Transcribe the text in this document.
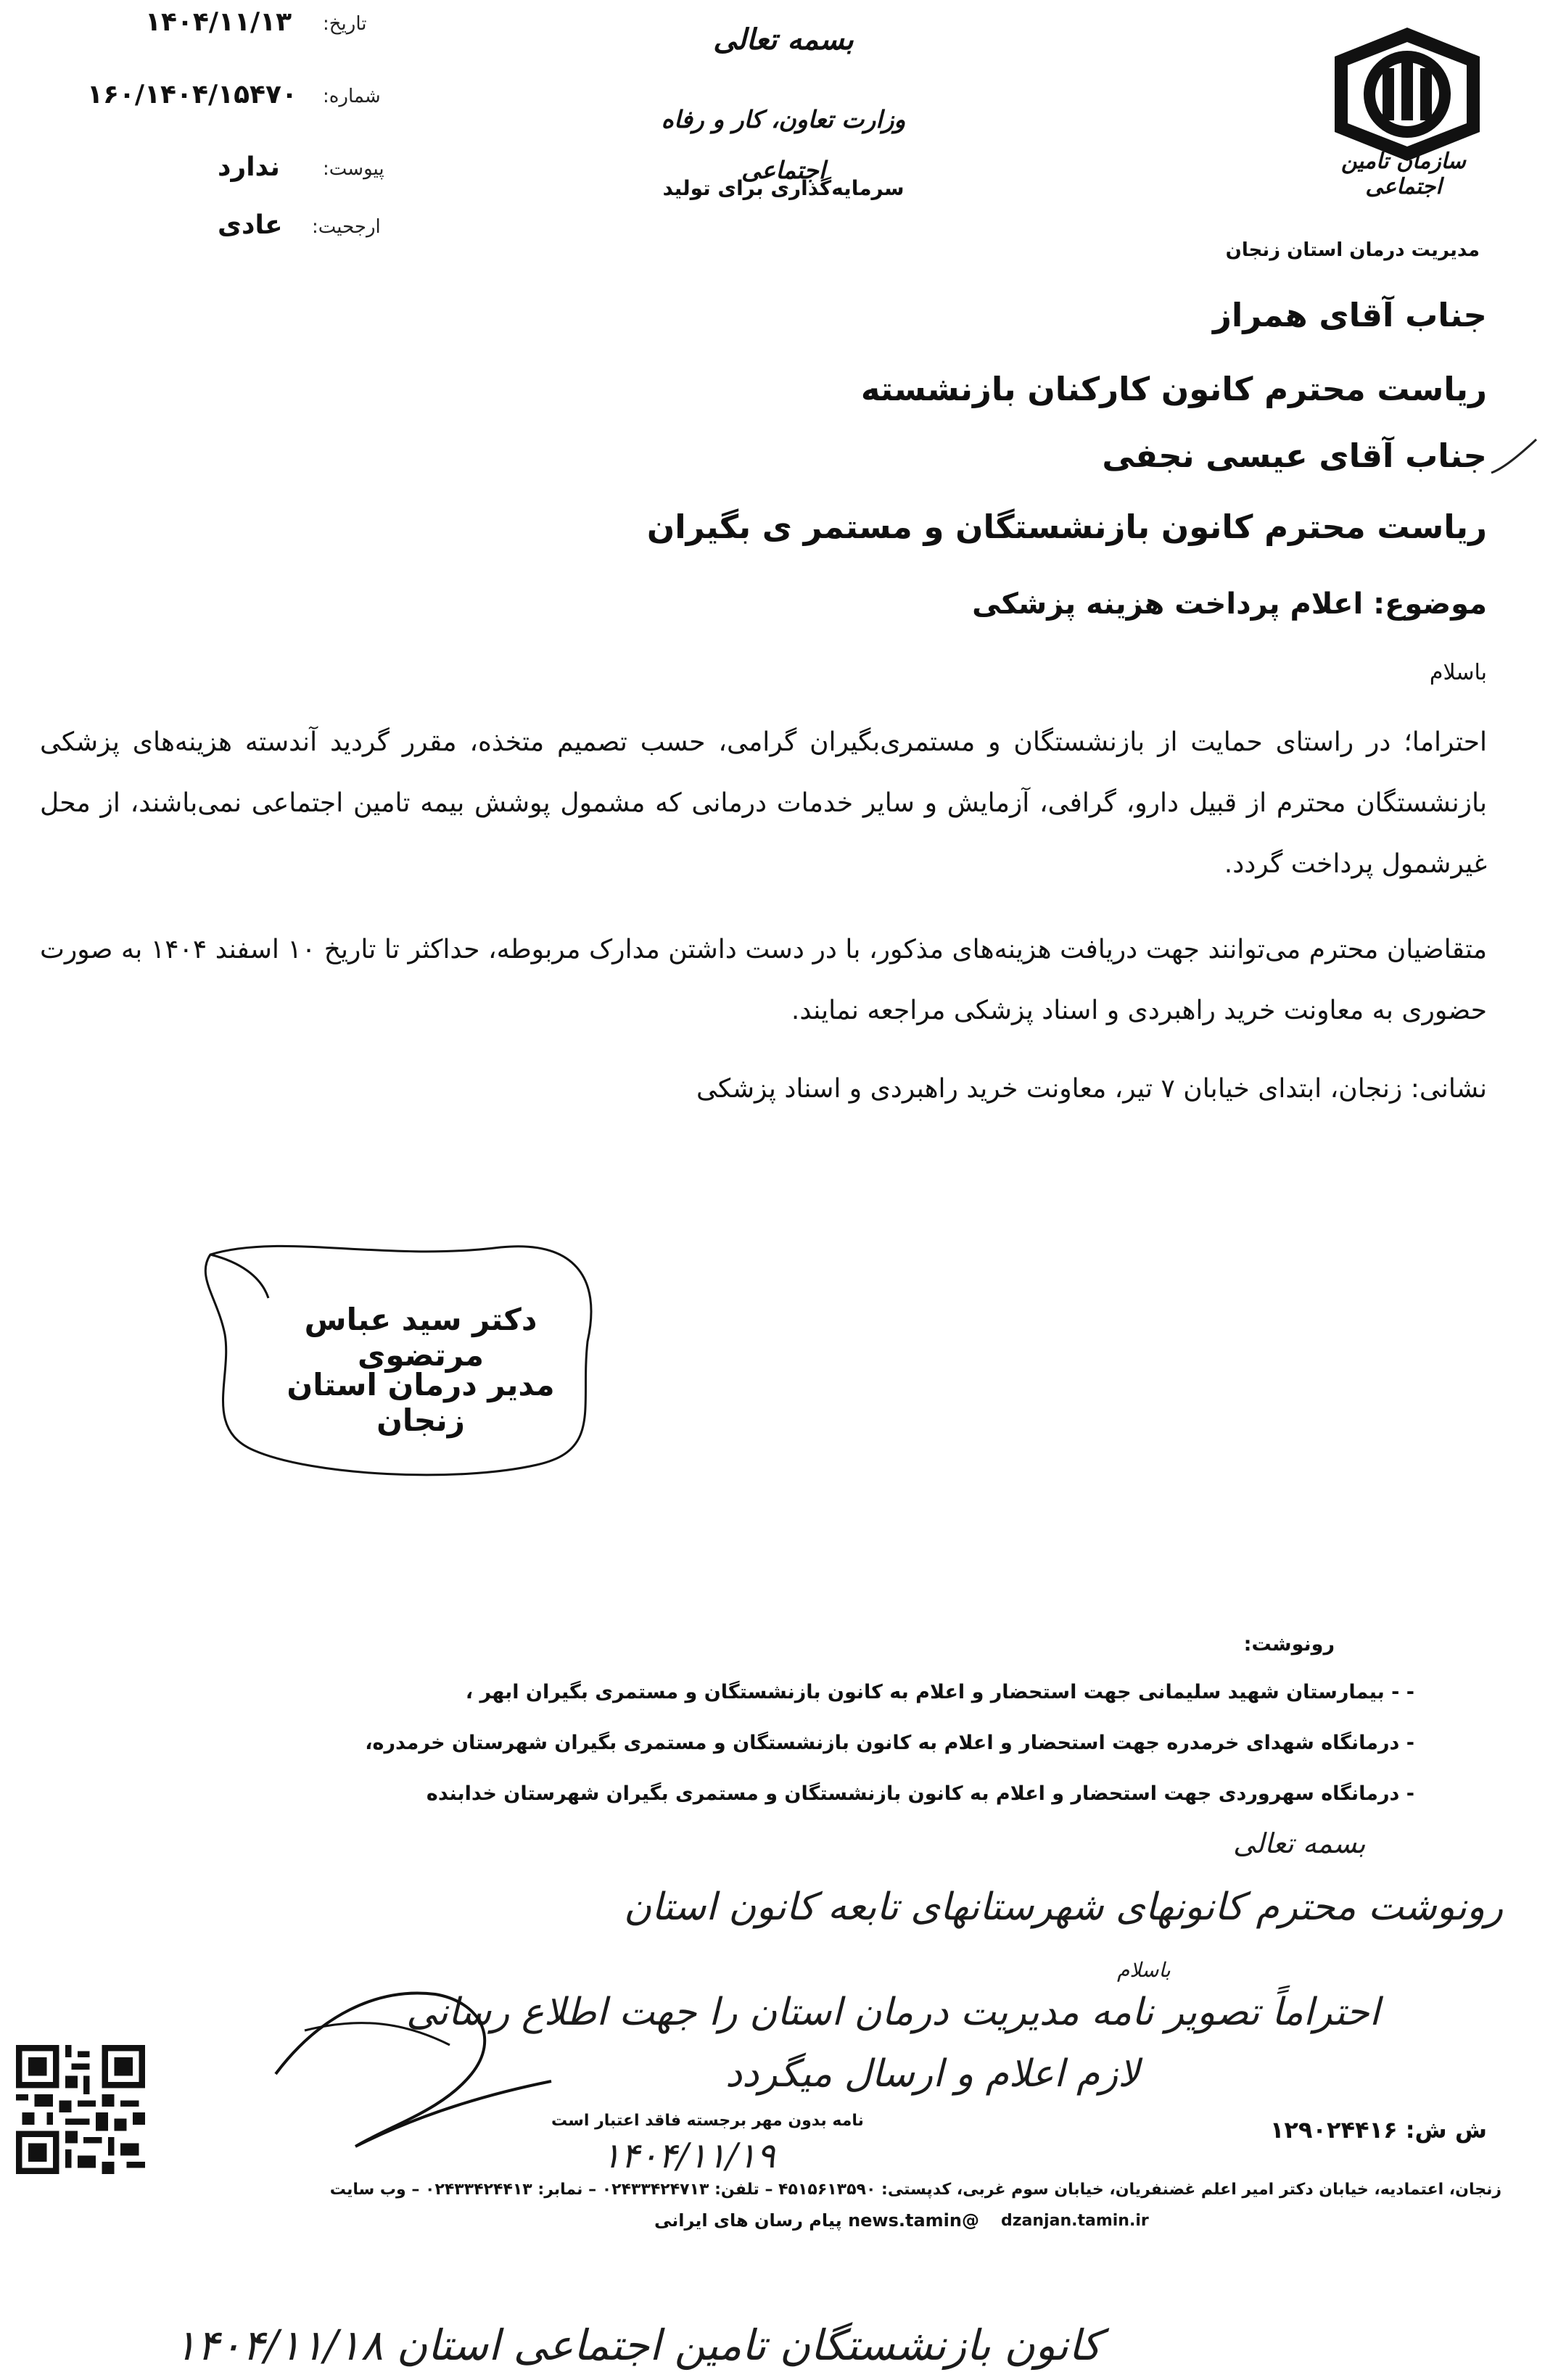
سازمان تامین اجتماعی
مدیریت درمان استان زنجان
بسمه تعالی
وزارت تعاون، کار و رفاه اجتماعی
سرمایه‌گذاری برای تولید
تاریخ:
۱۴۰۴/۱۱/۱۳
شماره:
۱۶۰/۱۴۰۴/۱۵۴۷۰
پیوست:
ندارد
ارجحیت:
عادی
جناب آقای همراز
ریاست محترم کانون کارکنان بازنشسته
جناب آقای عیسی نجفی
ریاست محترم کانون بازنشستگان و مستمر ی بگیران
موضوع: اعلام پرداخت هزینه پزشکی
باسلام
احتراما؛ در راستای حمایت از بازنشستگان و مستمری‌بگیران گرامی، حسب تصمیم متخذه، مقرر گردید آندسته هزینه‌های پزشکی بازنشستگان محترم از قبیل دارو، گرافی، آزمایش و سایر خدمات درمانی که مشمول پوشش بیمه تامین اجتماعی نمی‌باشند، از محل غیرشمول پرداخت گردد.
متقاضیان محترم می‌توانند جهت دریافت هزینه‌های مذکور، با در دست داشتن مدارک مربوطه، حداکثر تا تاریخ ۱۰ اسفند ۱۴۰۴ به صورت حضوری به معاونت خرید راهبردی و اسناد پزشکی مراجعه نمایند.
نشانی: زنجان، ابتدای خیابان ۷ تیر، معاونت خرید راهبردی و اسناد پزشکی
دکتر سید عباس مرتضوی
مدیر درمان استان زنجان
رونوشت:
- - بیمارستان شهید سلیمانی جهت استحضار و اعلام به کانون بازنشستگان و مستمری بگیران ابهر ،
- درمانگاه شهدای خرمدره جهت استحضار و اعلام به کانون بازنشستگان و مستمری بگیران شهرستان خرمدره،
- درمانگاه سهروردی جهت استحضار و اعلام به کانون بازنشستگان و مستمری بگیران شهرستان خدابنده
بسمه تعالی
رونوشت محترم کانونهای شهرستانهای تابعه کانون استان
باسلام
احتراماً تصویر نامه مدیریت درمان استان را جهت اطلاع رسانی
لازم اعلام و ارسال میگردد
۱۴۰۴/۱۱/۱۹
نامه بدون مهر برجسته فاقد اعتبار است	ش ش: ۱۲۹۰۲۴۴۱۶
زنجان، اعتمادیه، خیابان دکتر امیر اعلم غضنفریان، خیابان سوم غربی، کدپستی: ۴۵۱۵۶۱۳۵۹۰ – تلفن: ۰۲۴۳۳۴۲۴۷۱۳ – نمابر: ۰۲۴۳۳۴۲۴۴۱۳ – وب سایت
dzanjan.tamin.ir
@news.tamin پیام رسان های ایرانی
کانون بازنشستگان تامین اجتماعی استان ۱۴۰۴/۱۱/۱۸
